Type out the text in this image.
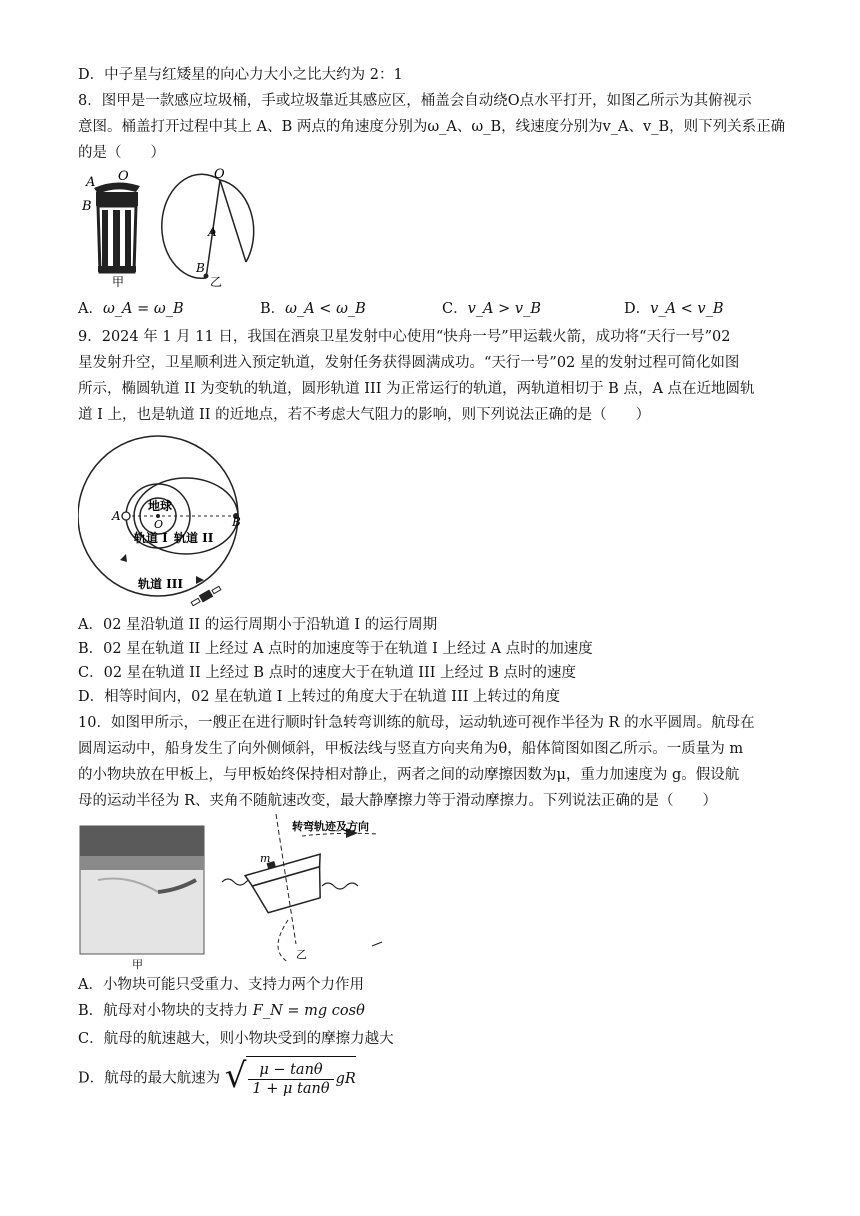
D．中子星与红矮星的向心力大小之比大约为 2：1
8．图甲是一款感应垃圾桶，手或垃圾靠近其感应区，桶盖会自动绕O点水平打开，如图乙所示为其俯视示
意图。桶盖打开过程中其上 A、B 两点的角速度分别为ω_A、ω_B，线速度分别为v_A、v_B，则下列关系正确
的是（　　）
A O
B
甲
O
A
B
乙
A．ω_A = ω_B	B．ω_A < ω_B	C．v_A > v_B	D．v_A < v_B
9．2024 年 1 月 11 日，我国在酒泉卫星发射中心使用“快舟一号”甲运载火箭，成功将“天行一号”02
星发射升空，卫星顺利进入预定轨道，发射任务获得圆满成功。“天行一号”02 星的发射过程可简化如图
所示，椭圆轨道 II 为变轨的轨道，圆形轨道 III 为正常运行的轨道，两轨道相切于 B 点，A 点在近地圆轨
道 I 上，也是轨道 II 的近地点，若不考虑大气阻力的影响，则下列说法正确的是（　　）
地球
O
A	B
轨道 I 轨道 II
轨道 III
A．02 星沿轨道 II 的运行周期小于沿轨道 I 的运行周期
B．02 星在轨道 II 上经过 A 点时的加速度等于在轨道 I 上经过 A 点时的加速度
C．02 星在轨道 II 上经过 B 点时的速度大于在轨道 III 上经过 B 点时的速度
D．相等时间内，02 星在轨道 I 上转过的角度大于在轨道 III 上转过的角度
10．如图甲所示，一艘正在进行顺时针急转弯训练的航母，运动轨迹可视作半径为 R 的水平圆周。航母在
圆周运动中，船身发生了向外侧倾斜，甲板法线与竖直方向夹角为θ，船体简图如图乙所示。一质量为 m
的小物块放在甲板上，与甲板始终保持相对静止，两者之间的动摩擦因数为μ，重力加速度为 g。假设航
母的运动半径为 R、夹角不随航速改变，最大静摩擦力等于滑动摩擦力。下列说法正确的是（　　）
甲
转弯轨迹及方向
m
乙
A．小物块可能只受重力、支持力两个力作用
B．航母对小物块的支持力 F_N = mg cosθ
C．航母的航速越大，则小物块受到的摩擦力越大
D．航母的最大航速为 √ $\frac{\mu - \tan\theta}{\text{1 + μ tanθ}}$ gR
